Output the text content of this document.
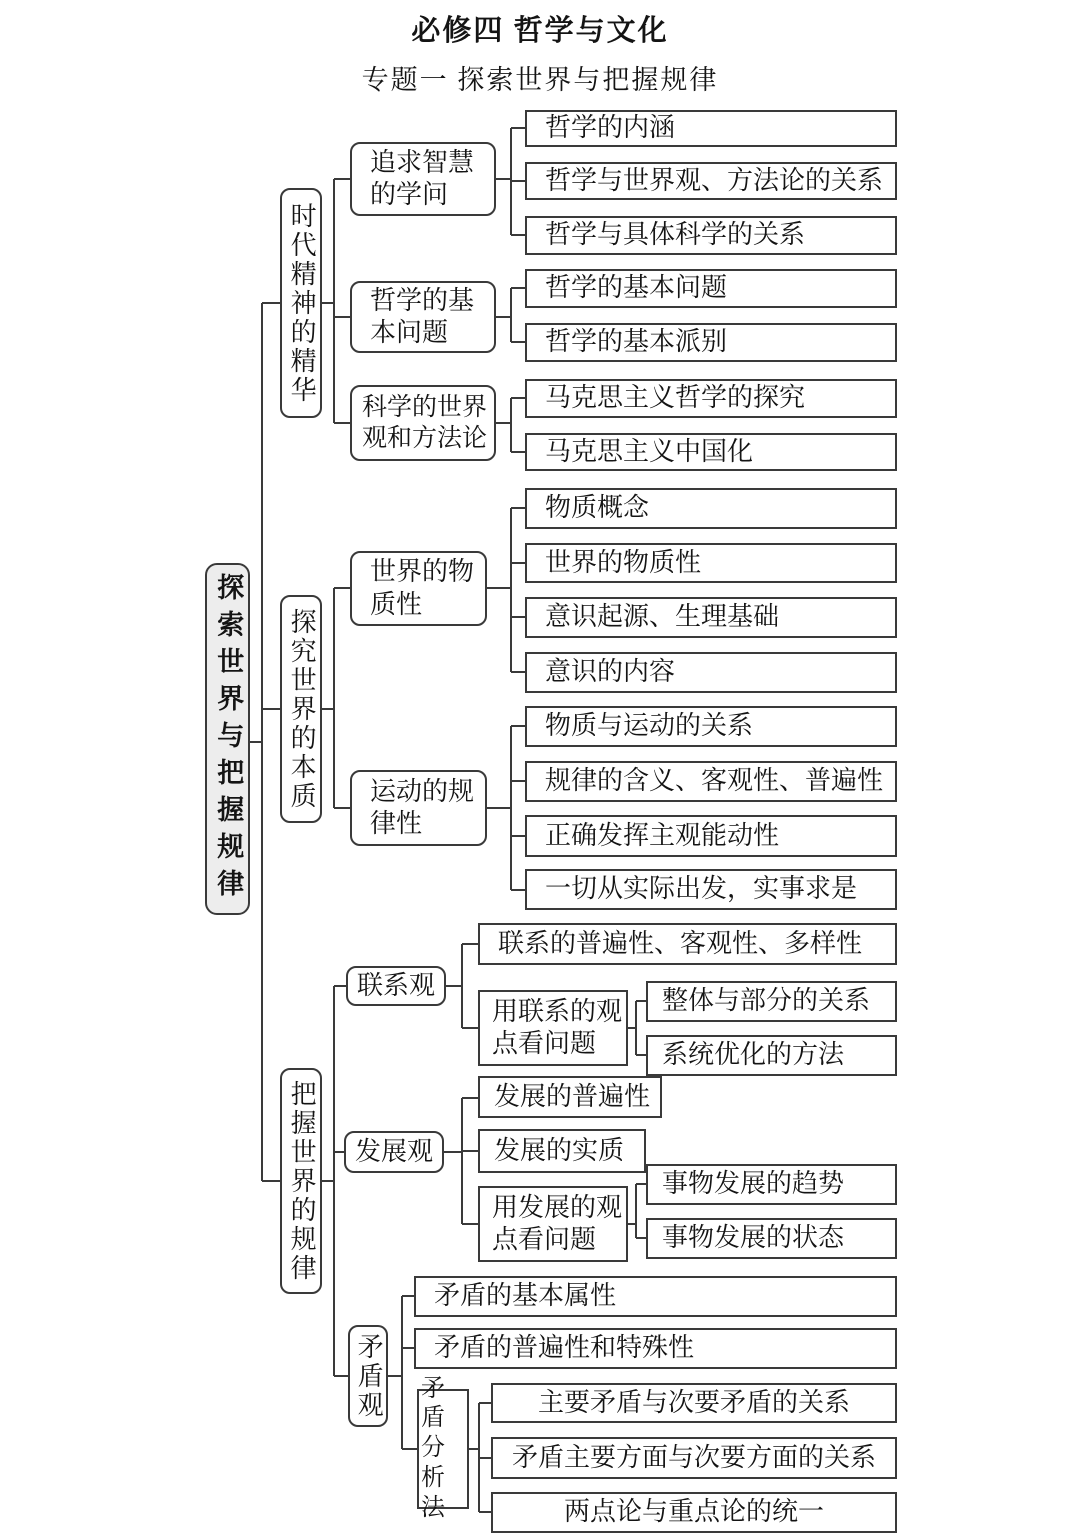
必修四 哲学与文化
专题一 探索世界与把握规律
探索世界与把握规律
时代精神的精华
探究世界的本质
把握世界的规律
追求智慧的学问
哲学的基本问题
科学的世界观和方法论
哲学的内涵
哲学与世界观、方法论的关系
哲学与具体科学的关系
哲学的基本问题
哲学的基本派别
马克思主义哲学的探究
马克思主义中国化
世界的物质性
运动的规律性
物质概念
世界的物质性
意识起源、生理基础
意识的内容
物质与运动的关系
规律的含义、客观性、普遍性
正确发挥主观能动性
一切从实际出发，实事求是
联系观
发展观
矛盾观
联系的普遍性、客观性、多样性
用联系的观点看问题
整体与部分的关系
系统优化的方法
发展的普遍性
发展的实质
用发展的观点看问题
事物发展的趋势
事物发展的状态
矛盾的基本属性
矛盾的普遍性和特殊性
矛盾分析法
主要矛盾与次要矛盾的关系
矛盾主要方面与次要方面的关系
两点论与重点论的统一
